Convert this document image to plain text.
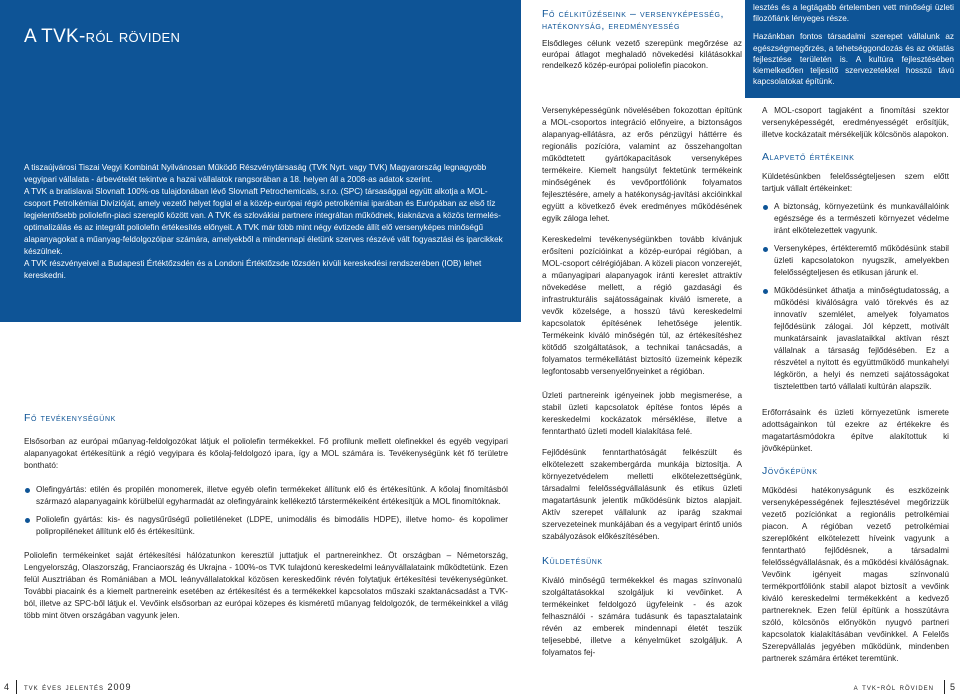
A TVK-ról röviden

A tiszaújvárosi Tiszai Vegyi Kombinát Nyilvánosan Működő Részvénytársaság (TVK Nyrt. vagy TVK) Magyarország legnagyobb vegyipari vállalata - árbevételét tekintve a hazai vállalatok rangsorában a 18. helyen áll a 2008-as adatok szerint.

A TVK a bratislavai Slovnaft 100%-os tulajdonában lévő Slovnaft Petrochemicals, s.r.o. (SPC) társasággal együtt alkotja a MOL-csoport Petrolkémiai Divízióját, amely vezető helyet foglal el a közép-európai régió petrolkémiai iparában és Európában az első tíz legjelentősebb poliolefin-piaci szereplő között van. A TVK és szlovákiai partnere integráltan működnek, kiaknázva a közös termelés-optimalizálás és az integrált poliolefin értékesítés előnyeit. A TVK már több mint négy évtizede állít elő versenyképes minőségű alapanyagokat a műanyag-feldolgozóipar számára, amelyekből a mindennapi életünk szerves részévé vált fogyasztási és iparcikkek készülnek.

A TVK részvényeivel a Budapesti Értéktőzsdén és a Londoni Értéktőzsde tőzsdén kívüli kereskedési rendszerében (IOB) lehet kereskedni.

Fő célkitűzéseink – versenyképesség, hatékonyság, eredményesség

Elsődleges célunk vezető szerepünk megőrzése az európai átlagot meghaladó növekedési kilátásokkal rendelkező közép-európai poliolefin piacokon.

lesztés és a legtágabb értelemben vett minőségi üzleti filozófiánk lényeges része.

Hazánkban fontos társadalmi szerepet vállalunk az egészségmegőrzés, a tehetséggondozás és az oktatás fejlesztése területén is. A kultúra fejlesztésében kiemelkedően teljesítő szervezetekkel hosszú távú kapcsolatokat építünk.

Fő tevékenységünk

Elsősorban az európai műanyag-feldolgozókat látjuk el poliolefin termékekkel. Fő profilunk mellett olefinekkel és egyéb vegyipari alapanyagokat értékesítünk a régió vegyipara és kőolaj-feldolgozó ipara, így a MOL számára is. Tevékenységünk két fő területre bontható:

Olefingyártás: etilén és propilén monomerek, illetve egyéb olefin termékeket állítunk elő és értékesítünk. A kőolaj finomításból származó alapanyagaink körülbelül egyharmadát az olefingyáraink kellékeztő társtermékeiként értékesítjük a MOL finomítóknak.
Poliolefin gyártás: kis- és nagysűrűségű polietiléneket (LDPE, unimodális és bimodális HDPE), illetve homo- és kopolimer polipropiléneket állítunk elő és értékesítünk.

Poliolefin termékeinket saját értékesítési hálózatunkon keresztül juttatjuk el partnereinkhez. Öt országban – Németország, Lengyelország, Olaszország, Franciaország és Ukrajna - 100%-os TVK tulajdonú kereskedelmi leányvállalataink működtetünk. Ezen felül Ausztriában és Romániában a MOL leányvállalatokkal közösen kereskedőink révén folytatjuk értékesítési tevékenységünket. További piacaink és a kiemelt partnereink esetében az értékesítést és a termékekkel kapcsolatos műszaki szaktanácsadást a TVK-ból, illetve az SPC-ből látjuk el. Vevőink elsősorban az európai közepes és kisméretű műanyag feldolgozók, de termékeinkkel a világ több mint ötven országában vagyunk jelen.

Versenyképességünk növelésében fokozottan építünk a MOL-csoportos integráció előnyeire, a biztonságos alapanyag-ellátásra, az erős pénzügyi háttérre és regionális pozícióra, valamint az összehangoltan működtetett gyártókapacitások versenyképes termékeire. Kiemelt hangsúlyt fektetünk termékeink minőségének és vevőportfóliónk folyamatos fejlesztésére, amely a hatékonyság-javítási akcióinkkal együtt a következő évek eredményes működésének egyik záloga lehet.

Kereskedelmi tevékenységünkben tovább kívánjuk erősíteni pozícióinkat a közép-európai régióban, a MOL-csoport célrégiójában. A közeli piacon vonzerejét, a műanyagipari alapanyagok iránti kereslet attraktív növekedése mellett, a régió gazdasági és infrastrukturális sajátosságainak kiváló ismerete, a vevők közelsége, a hosszú távú kereskedelmi kapcsolatok építésének lehetősége jelentik. Termékeink kiváló minőségén túl, az értékesítéshez kötődő szolgáltatások, a technikai tanácsadás, a folyamatos termékellátást biztosító üzemeink képezik legfontosabb versenyelőnyeinket a régióban.

Üzleti partnereink igényeinek jobb megismerése, a stabil üzleti kapcsolatok építése fontos lépés a kereskedelmi kockázatok mérséklése, illetve a fenntartható üzleti modell kialakítása felé.

Fejlődésünk fenntarthatóságát felkészült és elkötelezett szakembergárda munkája biztosítja. A környezetvédelem melletti elkötelezettségünk, társadalmi felelősségvállalásunk és etikus üzleti magatartásunk jelentik működésünk biztos alapjait. Aktív szerepet vállalunk az iparág szakmai szervezeteinek munkájában és a vegyipart érintő uniós szabályozások előkészítésében.

Küldetésünk

Kiváló minőségű termékekkel és magas színvonalú szolgáltatásokkal szolgáljuk ki vevőinket. A termékeinket feldolgozó ügyfeleink - és azok felhasználói - számára tudásunk és tapasztalataink révén az emberek mindennapi életét teszük teljesebbé, illetve a kényelmüket szolgáljuk. A folyamatos fej-

A MOL-csoport tagjaként a finomítási szektor versenyképességét, eredményességét erősítjük, illetve kockázatait mérsékeljük kölcsönös alapokon.

Alapvető értékeink

Küldetésünkben felelősségteljesen szem előtt tartjuk vállalt értékeinket:

A biztonság, környezetünk és munkavállalóink egészsége és a természeti környezet védelme iránt elkötelezettek vagyunk.
Versenyképes, értékteremtő működésünk stabil üzleti kapcsolatokon nyugszik, amelyekben felelősségteljesen és etikusan járunk el.
Működésünket áthatja a minőségtudatosság, a működési kiválóságra való törekvés és az innovatív szemlélet, amelyek folyamatos fejlődésünk zálogai. Jól képzett, motivált munkatársaink javaslataikkal aktívan részt vállalnak a társaság fejlődésében. Ez a részvétel a nyitott és együttműködő munkahelyi légkörön, a helyi és nemzeti sajátosságokat tisztelettben tartó vállalati kultúrán alapszik.

Erőforrásaink és üzleti környezetünk ismerete adottságainkon túl ezekre az értékekre és magatartásmódokra építve alakítottuk ki jövőképünket.

Jövőképünk

Működési hatékonyságunk és eszközeink versenyképességének fejlesztésével megőrizzük vezető pozíciónkat a regionális petrolkémiai piacon. A régióban vezető petrolkémiai szereplőként elkötelezett híveink vagyunk a fenntartható fejlődésnek, a társadalmi felelősségvállalásnak, és a működési kiválóságnak. Vevőink igényeit magas színvonalú termékportfóliónk stabil alapot biztosít a vevőink kiváló kereskedelmi termékekként a kedvező partnereknek. Ezen felül építünk a hosszútávra szóló, kölcsönös előnyökön nyugvó partneri kapcsolatok kialakításában vevőinkkel. A Felelős Szerepvállalás jegyében működünk, mindenben partnerek számára értéket teremtünk.

4 tvk éves jelentés 2009	a tvk-ról röviden 5
